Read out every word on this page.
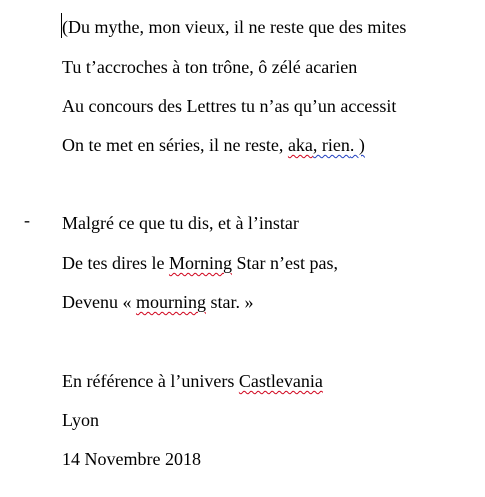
(Du mythe, mon vieux, il ne reste que des mites
Tu t’accroches à ton trône, ô zélé acarien
Au concours des Lettres tu n’as qu’un accessit
On te met en séries, il ne reste, aka, rien. )
- Malgré ce que tu dis, et à l’instar
De tes dires le Morning Star n’est pas,
Devenu « mourning star. »
En référence à l’univers Castlevania
Lyon
14 Novembre 2018
